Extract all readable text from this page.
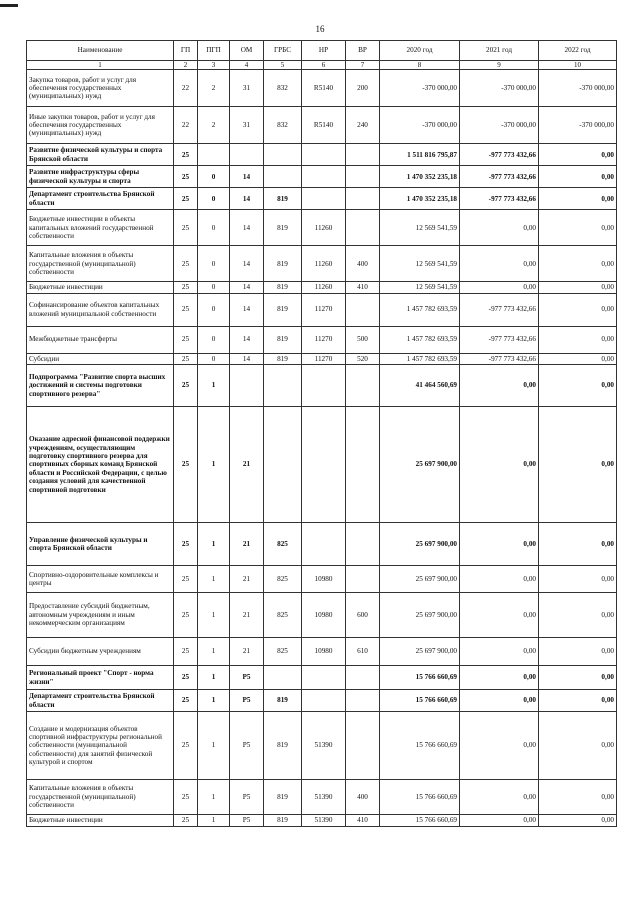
16
Наименование	ГП	ПГП	ОМ	ГРБС	НР	ВР	2020 год	2021 год	2022 год
1	2	3	4	5	6	7	8	9	10
Закупка товаров, работ и услуг для обеспечения государственных (муниципальных) нужд	22	2	31	832	R5140	200	-370 000,00	-370 000,00	-370 000,00
Иные закупки товаров, работ и услуг для обеспечения государственных (муниципальных) нужд	22	2	31	832	R5140	240	-370 000,00	-370 000,00	-370 000,00
Развитие физической культуры и спорта Брянской области	25						1 511 816 795,87	-977 773 432,66	0,00
Развитие инфраструктуры сферы физической культуры и спорта	25	0	14				1 470 352 235,18	-977 773 432,66	0,00
Департамент строительства Брянской области	25	0	14	819			1 470 352 235,18	-977 773 432,66	0,00
Бюджетные инвестиции в объекты капитальных вложений государственной собственности	25	0	14	819	11260		12 569 541,59	0,00	0,00
Капитальные вложения в объекты государственной (муниципальной) собственности	25	0	14	819	11260	400	12 569 541,59	0,00	0,00
Бюджетные инвестиции	25	0	14	819	11260	410	12 569 541,59	0,00	0,00
Софинансирование объектов капитальных вложений муниципальной собственности	25	0	14	819	11270		1 457 782 693,59	-977 773 432,66	0,00
Межбюджетные трансферты	25	0	14	819	11270	500	1 457 782 693,59	-977 773 432,66	0,00
Субсидии	25	0	14	819	11270	520	1 457 782 693,59	-977 773 432,66	0,00
Подпрограмма "Развитие спорта высших достижений и системы подготовки спортивного резерва"	25	1					41 464 560,69	0,00	0,00
Оказание адресной финансовой поддержки учреждениям, осуществляющим подготовку спортивного резерва для спортивных сборных команд Брянской области и Российской Федерации, с целью создания условий для качественной спортивной подготовки	25	1	21				25 697 900,00	0,00	0,00
Управление физической культуры и спорта Брянской области	25	1	21	825			25 697 900,00	0,00	0,00
Спортивно-оздоровительные комплексы и центры	25	1	21	825	10980		25 697 900,00	0,00	0,00
Предоставление субсидий бюджетным, автономным учреждениям и иным некоммерческим организациям	25	1	21	825	10980	600	25 697 900,00	0,00	0,00
Субсидии бюджетным учреждениям	25	1	21	825	10980	610	25 697 900,00	0,00	0,00
Региональный проект "Спорт - норма жизни"	25	1	P5				15 766 660,69	0,00	0,00
Департамент строительства Брянской области	25	1	P5	819			15 766 660,69	0,00	0,00
Создание и модернизация объектов спортивной инфраструктуры региональной собственности (муниципальной собственности) для занятий физической культурой и спортом	25	1	P5	819	51390		15 766 660,69	0,00	0,00
Капитальные вложения в объекты государственной (муниципальной) собственности	25	1	P5	819	51390	400	15 766 660,69	0,00	0,00
Бюджетные инвестиции	25	1	P5	819	51390	410	15 766 660,69	0,00	0,00
